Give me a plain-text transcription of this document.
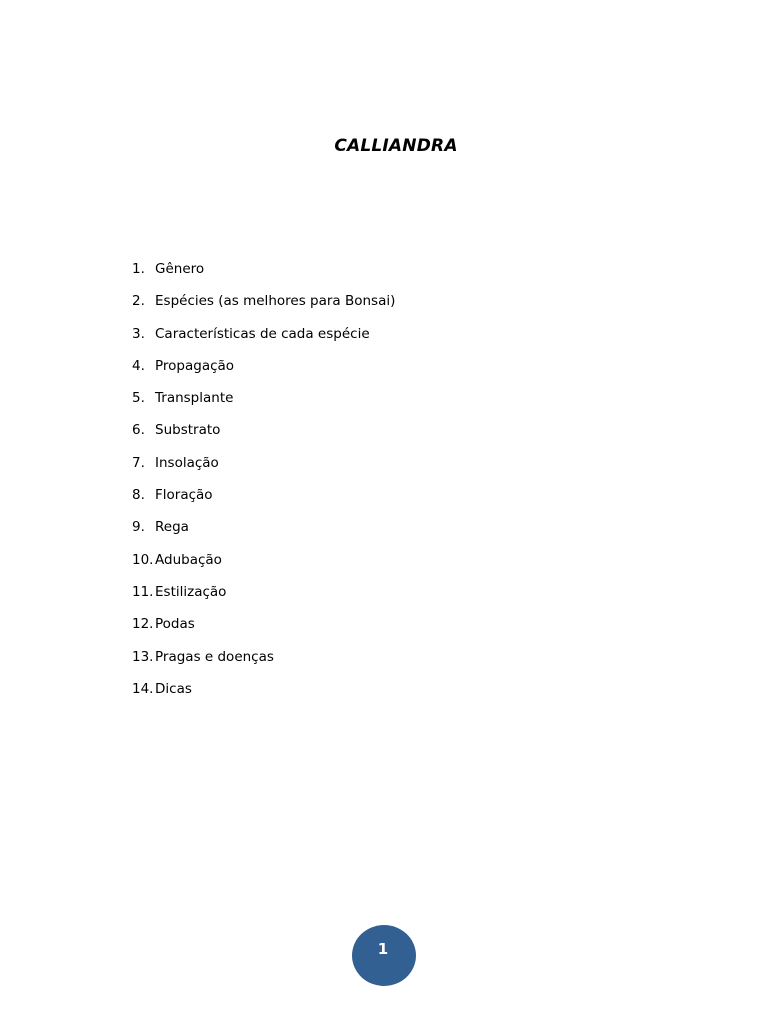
CALLIANDRA
1. Gênero
2. Espécies (as melhores para Bonsai)
3. Características de cada espécie
4. Propagação
5. Transplante
6. Substrato
7. Insolação
8. Floração
9. Rega
10. Adubação
11. Estilização
12. Podas
13. Pragas e doenças
14. Dicas
1
